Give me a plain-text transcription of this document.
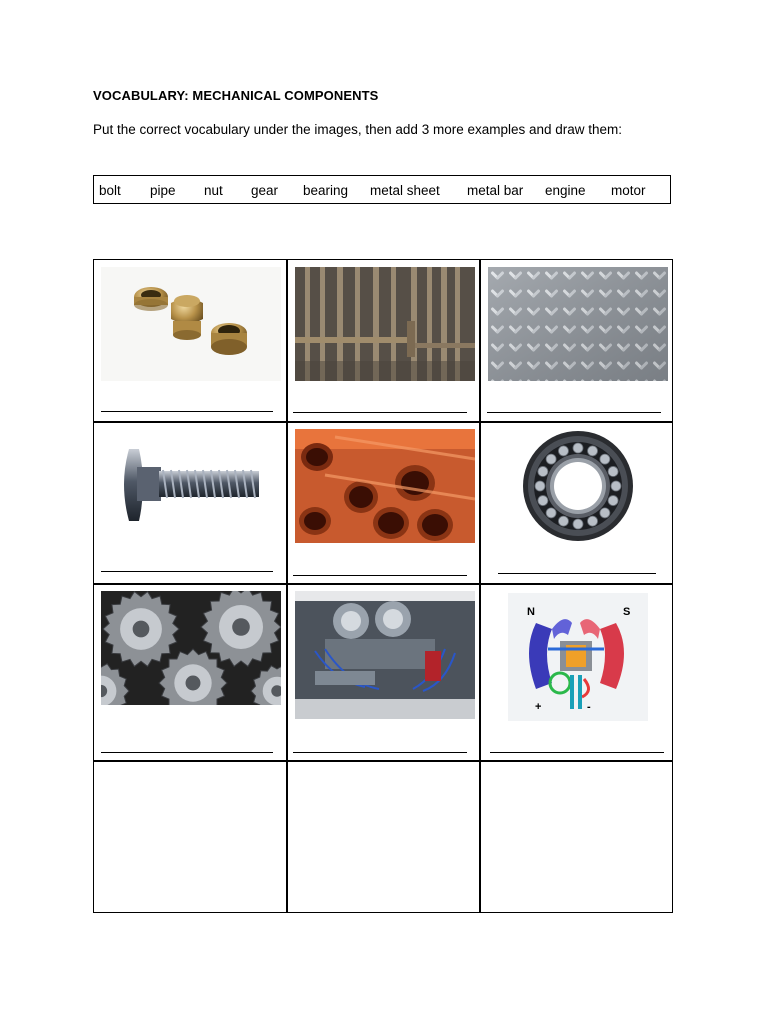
VOCABULARY: MECHANICAL COMPONENTS
Put the correct vocabulary under the images, then add 3 more examples and draw them:
bolt pipe nut gear bearing metal sheet metal bar engine motor
N	S
+	-
